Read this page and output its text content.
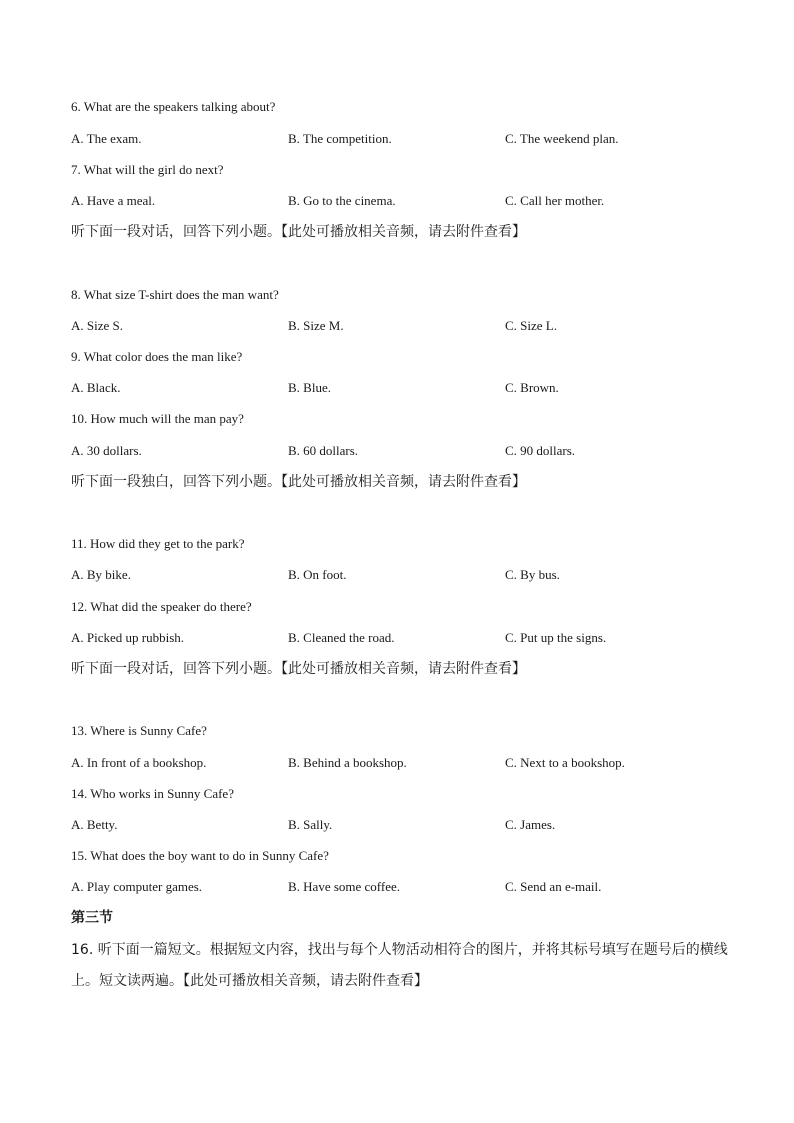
6. What are the speakers talking about?
A. The exam.	B. The competition.	C. The weekend plan.
7. What will the girl do next?
A. Have a meal.	B. Go to the cinema.	C. Call her mother.
听下面一段对话，回答下列小题。【此处可播放相关音频，请去附件查看】
8. What size T-shirt does the man want?
A. Size S.	B. Size M.	C. Size L.
9. What color does the man like?
A. Black.	B. Blue.	C. Brown.
10. How much will the man pay?
A. 30 dollars.	B. 60 dollars.	C. 90 dollars.
听下面一段独白，回答下列小题。【此处可播放相关音频，请去附件查看】
11. How did they get to the park?
A. By bike.	B. On foot.	C. By bus.
12. What did the speaker do there?
A. Picked up rubbish.	B. Cleaned the road.	C. Put up the signs.
听下面一段对话，回答下列小题。【此处可播放相关音频，请去附件查看】
13. Where is Sunny Cafe?
A. In front of a bookshop.	B. Behind a bookshop.	C. Next to a bookshop.
14. Who works in Sunny Cafe?
A. Betty.	B. Sally.	C. James.
15. What does the boy want to do in Sunny Cafe?
A. Play computer games.	B. Have some coffee.	C. Send an e-mail.
第三节
16. 听下面一篇短文。根据短文内容，找出与每个人物活动相符合的图片，并将其标号填写在题号后的横线
上。短文读两遍。【此处可播放相关音频，请去附件查看】
